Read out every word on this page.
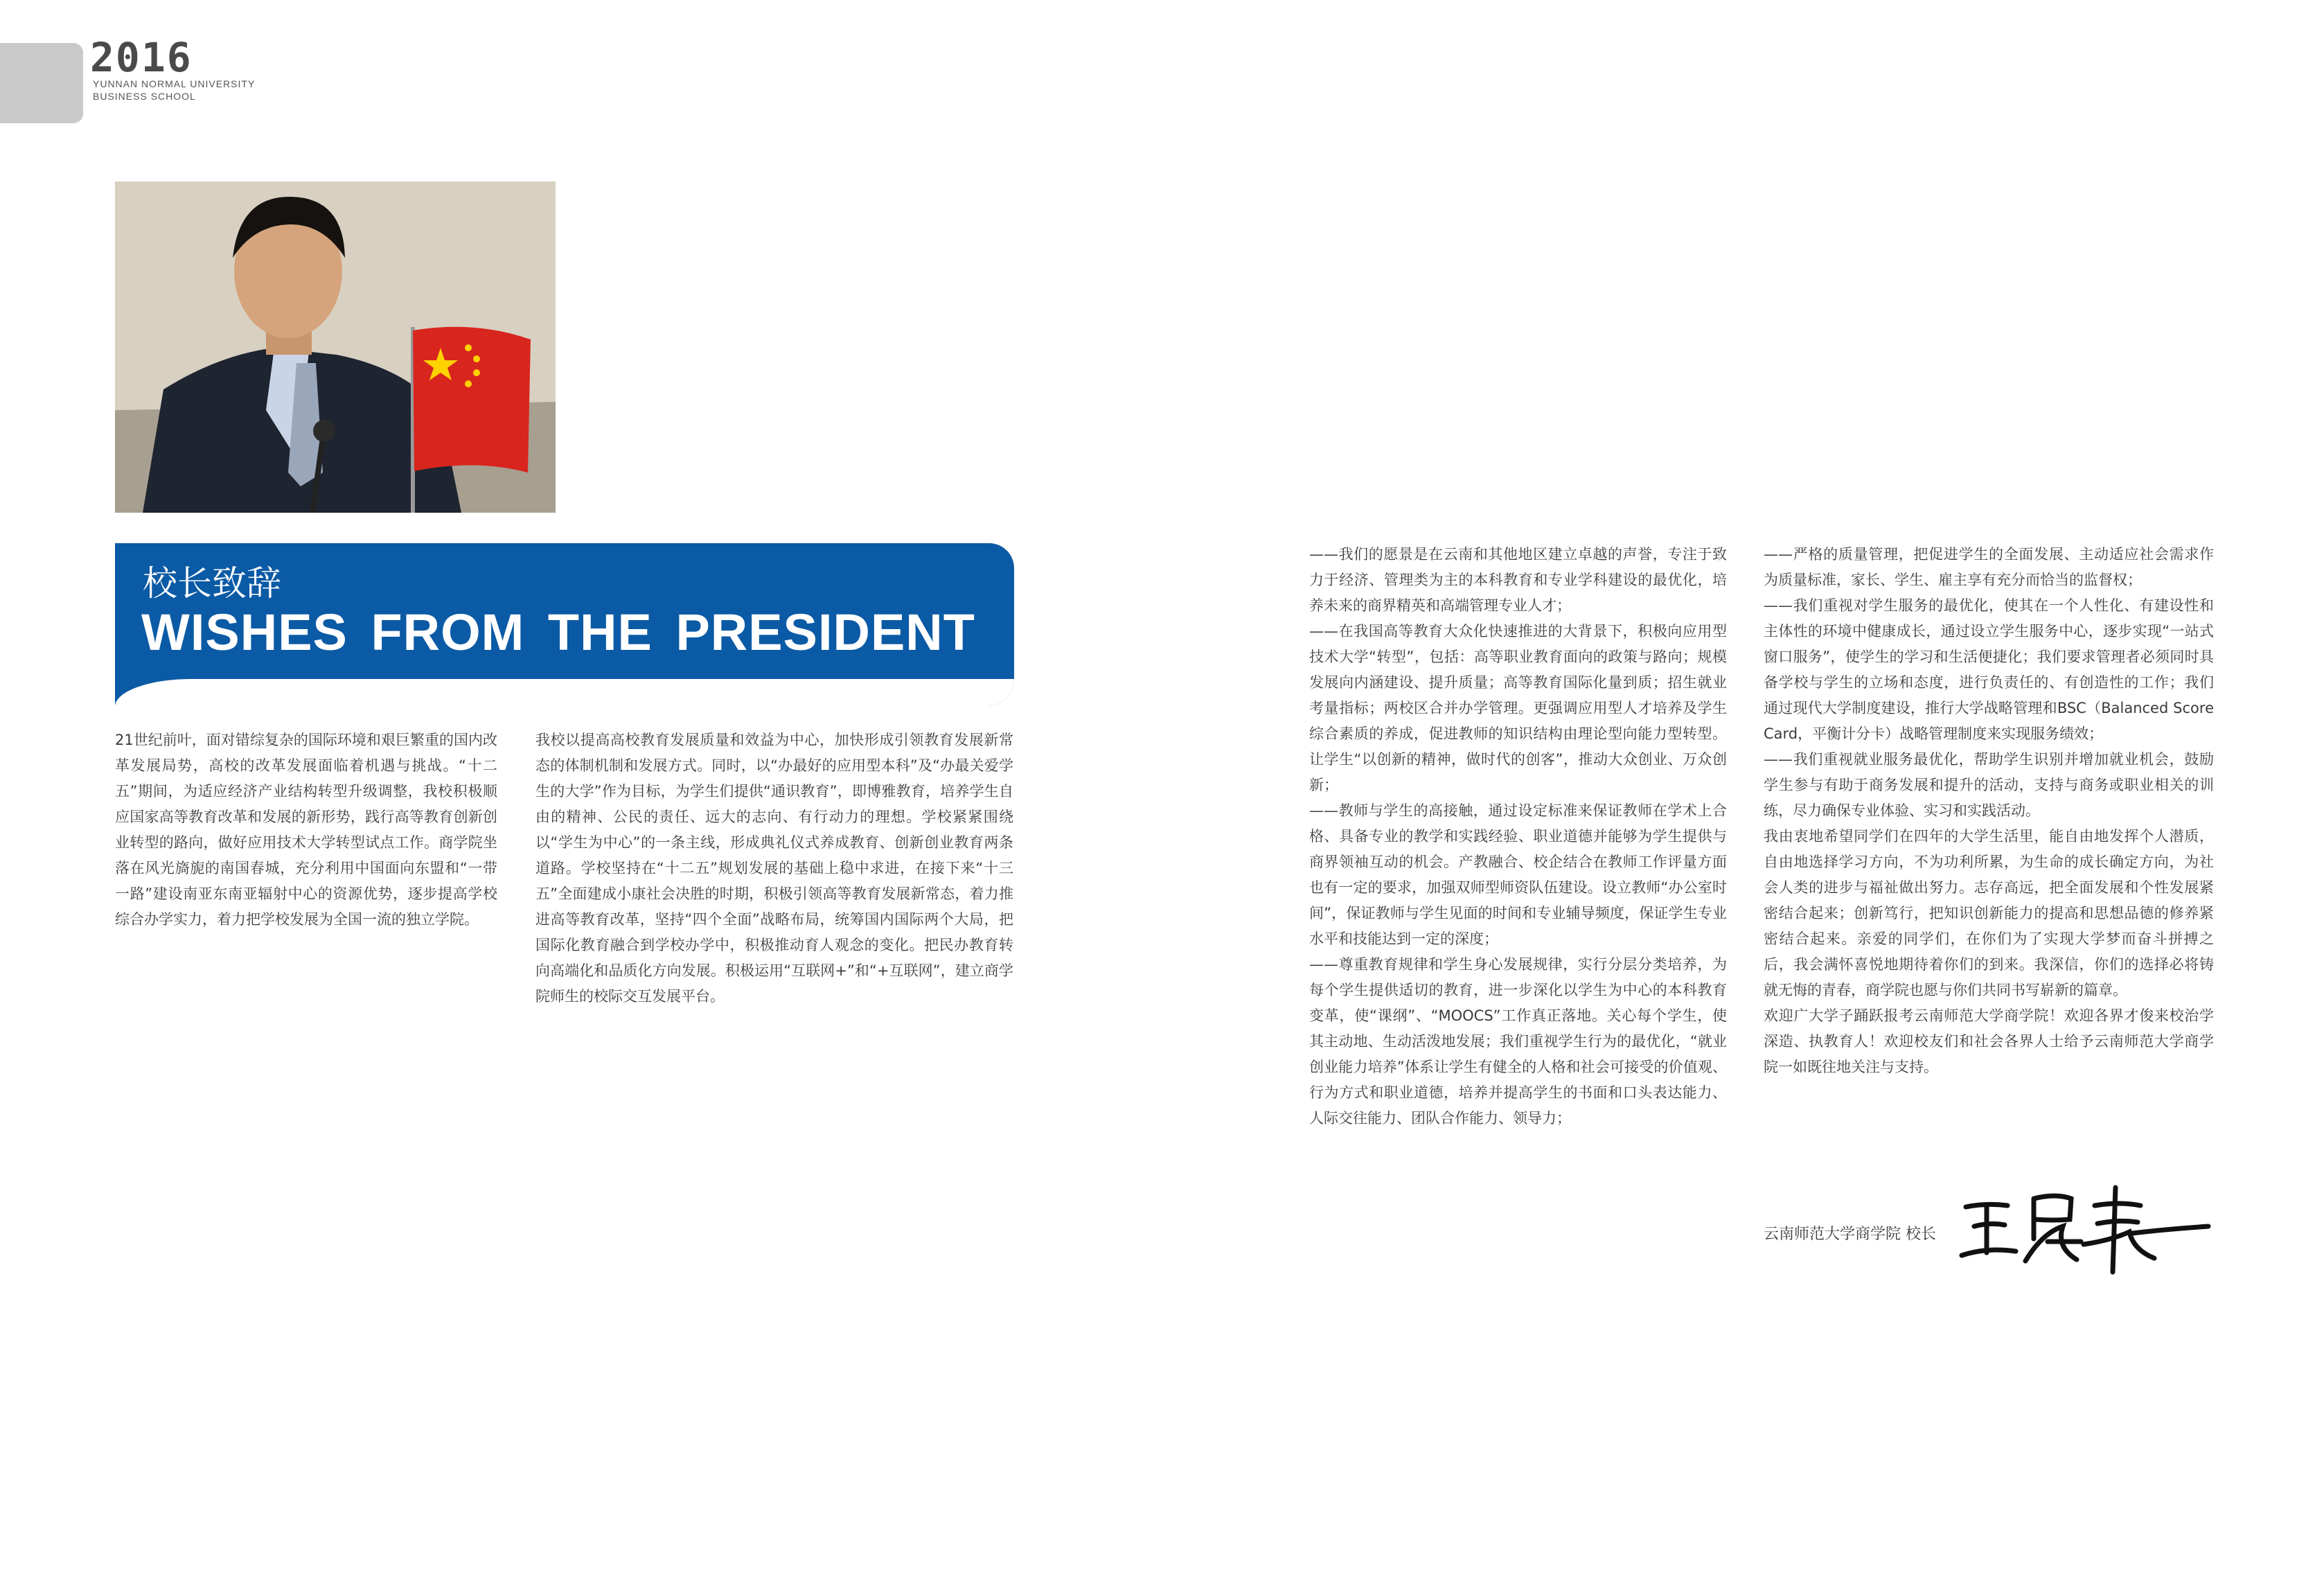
2016
YUNNAN NORMAL UNIVERSITY
BUSINESS SCHOOL
校长致辞
WISHES FROM THE PRESIDENT

21世纪前叶，面对错综复杂的国际环境和艰巨繁重的国内改革发展局势，高校的改革发展面临着机遇与挑战。“十二五”期间，为适应经济产业结构转型升级调整，我校积极顺应国家高等教育改革和发展的新形势，践行高等教育创新创业转型的路向，做好应用技术大学转型试点工作。商学院坐落在风光旖旎的南国春城，充分利用中国面向东盟和“一带一路”建设南亚东南亚辐射中心的资源优势，逐步提高学校综合办学实力，着力把学校发展为全国一流的独立学院。

我校以提高高校教育发展质量和效益为中心，加快形成引领教育发展新常态的体制机制和发展方式。同时，以“办最好的应用型本科”及“办最关爱学生的大学”作为目标，为学生们提供“通识教育”，即博雅教育，培养学生自由的精神、公民的责任、远大的志向、有行动力的理想。学校紧紧围绕以“学生为中心”的一条主线，形成典礼仪式养成教育、创新创业教育两条道路。学校坚持在“十二五”规划发展的基础上稳中求进，在接下来“十三五”全面建成小康社会决胜的时期，积极引领高等教育发展新常态，着力推进高等教育改革，坚持“四个全面”战略布局，统筹国内国际两个大局，把国际化教育融合到学校办学中，积极推动育人观念的变化。把民办教育转向高端化和品质化方向发展。积极运用“互联网+”和“+互联网”，建立商学院师生的校际交互发展平台。

——我们的愿景是在云南和其他地区建立卓越的声誉，专注于致力于经济、管理类为主的本科教育和专业学科建设的最优化，培养未来的商界精英和高端管理专业人才；

——在我国高等教育大众化快速推进的大背景下，积极向应用型技术大学“转型”，包括：高等职业教育面向的政策与路向；规模发展向内涵建设、提升质量；高等教育国际化量到质；招生就业考量指标；两校区合并办学管理。更强调应用型人才培养及学生综合素质的养成，促进教师的知识结构由理论型向能力型转型。让学生“以创新的精神，做时代的创客”，推动大众创业、万众创新；

——教师与学生的高接触，通过设定标准来保证教师在学术上合格、具备专业的教学和实践经验、职业道德并能够为学生提供与商界领袖互动的机会。产教融合、校企结合在教师工作评量方面也有一定的要求，加强双师型师资队伍建设。设立教师“办公室时间”，保证教师与学生见面的时间和专业辅导频度，保证学生专业水平和技能达到一定的深度；

——尊重教育规律和学生身心发展规律，实行分层分类培养，为每个学生提供适切的教育，进一步深化以学生为中心的本科教育变革，使“课纲”、“MOOCS”工作真正落地。关心每个学生，使其主动地、生动活泼地发展；我们重视学生行为的最优化，“就业创业能力培养”体系让学生有健全的人格和社会可接受的价值观、行为方式和职业道德，培养并提高学生的书面和口头表达能力、人际交往能力、团队合作能力、领导力；

——严格的质量管理，把促进学生的全面发展、主动适应社会需求作为质量标准，家长、学生、雇主享有充分而恰当的监督权；

——我们重视对学生服务的最优化，使其在一个人性化、有建设性和主体性的环境中健康成长，通过设立学生服务中心，逐步实现“一站式窗口服务”，使学生的学习和生活便捷化；我们要求管理者必须同时具备学校与学生的立场和态度，进行负责任的、有创造性的工作；我们通过现代大学制度建设，推行大学战略管理和BSC（Balanced Score Card，平衡计分卡）战略管理制度来实现服务绩效；

——我们重视就业服务最优化，帮助学生识别并增加就业机会，鼓励学生参与有助于商务发展和提升的活动，支持与商务或职业相关的训练，尽力确保专业体验、实习和实践活动。

我由衷地希望同学们在四年的大学生活里，能自由地发挥个人潜质，自由地选择学习方向，不为功利所累，为生命的成长确定方向，为社会人类的进步与福祉做出努力。志存高远，把全面发展和个性发展紧密结合起来；创新笃行，把知识创新能力的提高和思想品德的修养紧密结合起来。亲爱的同学们，在你们为了实现大学梦而奋斗拼搏之后，我会满怀喜悦地期待着你们的到来。我深信，你们的选择必将铸就无悔的青春，商学院也愿与你们共同书写崭新的篇章。

欢迎广大学子踊跃报考云南师范大学商学院！欢迎各界才俊来校治学深造、执教育人！欢迎校友们和社会各界人士给予云南师范大学商学院一如既往地关注与支持。

云南师范大学商学院 校长
